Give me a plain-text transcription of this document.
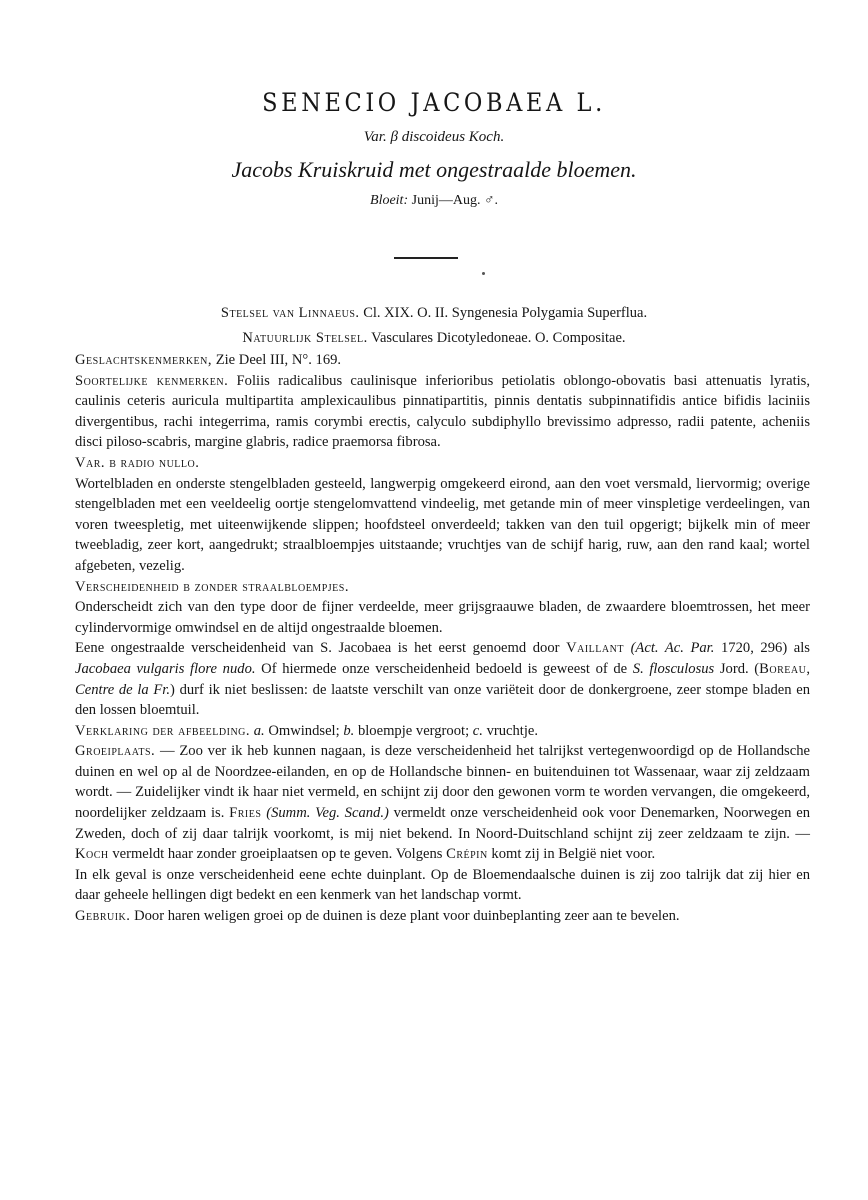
SENECIO JACOBAEA L.
Var. β discoideus Koch.
Jacobs Kruiskruid met ongestraalde bloemen.
Bloeit: Junij—Aug. ♂.
Stelsel van Linnaeus. Cl. XIX. O. II. Syngenesia Polygamia Superflua.
Natuurlijk Stelsel. Vasculares Dicotyledoneae. O. Compositae.

Geslachtskenmerken, Zie Deel III, N°. 169.

Soortelijke kenmerken. Foliis radicalibus caulinisque inferioribus petiolatis oblongo-obovatis basi attenuatis lyratis, caulinis ceteris auricula multipartita amplexicaulibus pinnatipartitis, pinnis dentatis subpinnatifidis antice bifidis laciniis divergentibus, rachi integerrima, ramis corymbi erectis, calyculo subdiphyllo brevissimo adpresso, radii patente, acheniis disci piloso-scabris, margine glabris, radice praemorsa fibrosa.

Var. β radio nullo.

Wortelbladen en onderste stengelbladen gesteeld, langwerpig omgekeerd eirond, aan den voet versmald, liervormig; overige stengelbladen met een veeldeelig oortje stengelomvattend vindeelig, met getande min of meer vinspletige verdeelingen, van voren tweespletig, met uiteenwijkende slippen; hoofdsteel onverdeeld; takken van den tuil opgerigt; bijkelk min of meer tweebladig, zeer kort, aangedrukt; straalbloempjes uitstaande; vruchtjes van de schijf harig, ruw, aan den rand kaal; wortel afgebeten, vezelig.

Verscheidenheid β zonder straalbloempjes.

Onderscheidt zich van den type door de fijner verdeelde, meer grijsgraauwe bladen, de zwaardere bloemtrossen, het meer cylindervormige omwindsel en de altijd ongestraalde bloemen.

Eene ongestraalde verscheidenheid van S. Jacobaea is het eerst genoemd door Vaillant (Act. Ac. Par. 1720, 296) als Jacobaea vulgaris flore nudo. Of hiermede onze verscheidenheid bedoeld is geweest of de S. flosculosus Jord. (Boreau, Centre de la Fr.) durf ik niet beslissen: de laatste verschilt van onze variëteit door de donkergroene, zeer stompe bladen en den lossen bloemtuil.

Verklaring der afbeelding. a. Omwindsel; b. bloempje vergroot; c. vruchtje.

Groeiplaats. — Zoo ver ik heb kunnen nagaan, is deze verscheidenheid het talrijkst vertegenwoordigd op de Hollandsche duinen en wel op al de Noordzee-eilanden, en op de Hollandsche binnen- en buitenduinen tot Wassenaar, waar zij zeldzaam wordt. — Zuidelijker vindt ik haar niet vermeld, en schijnt zij door den gewonen vorm te worden vervangen, die omgekeerd, noordelijker zeldzaam is. Fries (Summ. Veg. Scand.) vermeldt onze verscheidenheid ook voor Denemarken, Noorwegen en Zweden, doch of zij daar talrijk voorkomt, is mij niet bekend. In Noord-Duitschland schijnt zij zeer zeldzaam te zijn. — Koch vermeldt haar zonder groeiplaatsen op te geven. Volgens Crépin komt zij in België niet voor.

In elk geval is onze verscheidenheid eene echte duinplant. Op de Bloemendaalsche duinen is zij zoo talrijk dat zij hier en daar geheele hellingen digt bedekt en een kenmerk van het landschap vormt.

Gebruik. Door haren weligen groei op de duinen is deze plant voor duinbeplanting zeer aan te bevelen.
